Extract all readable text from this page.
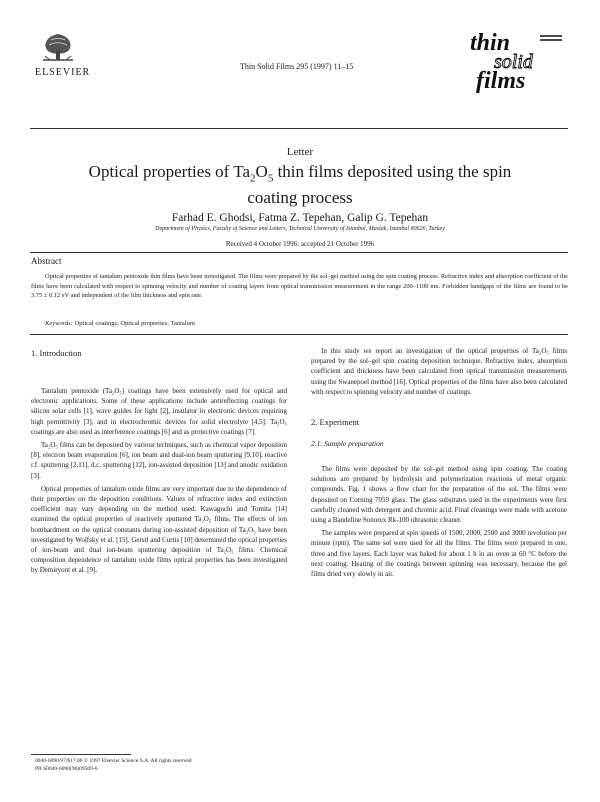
ELSEVIER
Thin Solid Films 295 (1997) 11–15
thin
solid
films
Letter
Optical properties of $Ta_2O_5$ thin films deposited using the spin
coating process
Farhad E. Ghodsi, Fatma Z. Tepehan, Galip G. Tepehan
Department of Physics, Faculty of Science and Letters, Technical University of Istanbul, Maslak, Istanbul 80626, Turkey
Received 4 October 1996; accepted 21 October 1996
Abstract

Optical properties of tantalum pentoxide thin films have been investigated. The films were prepared by the sol–gel method using the spin coating process. Refractive index and absorption coefficient of the films have been calculated with respect to spinning velocity and number of coating layers from optical transmission measurement in the range 200–1100 nm. Forbidden bandgaps of the films are found to be 3.75 ± 0.12 eV and independent of the film thickness and spin rate.

Keywords: Optical coatings; Optical properties; Tantalum
1. Introduction

Tantalum pentoxide (Ta₂O₅) coatings have been extensively used for optical and electronic applications. Some of these applications include antireflecting coatings for silicon solar cells [1], wave guides for light [2], insulator in electronic devices requiring high permittivity [3], and in electrochromic devices for solid electrolyte [4,5]. Ta₂O₅ coatings are also used as interference coatings [6] and as protective coatings [7].

Ta₂O₅ films can be deposited by various techniques, such as chemical vapor deposition [8], electron beam evaporation [6], ion beam and dual-ion beam sputtering [9,10], reactive r.f. sputtering [2,11], d.c. sputtering [12], ion-assisted deposition [13] and anodic oxidation [3].

Optical properties of tantalum oxide films are very important due to the dependence of their properties on the deposition conditions. Values of refractive index and extinction coefficient may vary depending on the method used. Kawaguchi and Tomita [14] examined the optical properties of reactively sputtered Ta₂O₅ films. The effects of ion bombardment on the optical constants during ion-assisted deposition of Ta₂O₅ have been investigated by Wolfsky et al. [15]. Gerstl and Curtis [10] determined the optical properties of ion-beam and dual ion-beam sputtering deposition of Ta₂O₅ films. Chemical composition dependence of tantalum oxide films optical properties has been investigated by Demiryont et al. [9].

In this study we report an investigation of the optical properties of Ta₂O₅ films prepared by the sol–gel spin coating deposition technique. Refractive index, absorption coefficient and thickness have been calculated from optical transmission measurements using the Swanepoel method [16]. Optical properties of the films have also been calculated with respect to spinning velocity and number of coatings.

2. Experiment
2.1. Sample preparation

The films were deposited by the sol–gel method using spin coating. The coating solutions are prepared by hydrolysis and polymerization reactions of metal organic compounds. Fig. 1 shows a flow chart for the preparation of the sol. The films were deposited on Corning 7059 glass. The glass substrates used in the experiments were first carefully cleaned with detergent and chromic acid. Final cleanings were made with acetone using a Bandeline Sonorex Rk-100 ultrasonic cleaner.

The samples were prepared at spin speeds of 1500, 2000, 2500 and 3000 revolution per minute (rpm). The same sol were used for all the films. The films were prepared in one, three and five layers. Each layer was baked for about 1 h in an oven at 60 °C before the next coating. Heating of the coatings between spinning was necessary, because the gel films dried very slowly in air.

0040-6090/97/$17.00 © 1997 Elsevier Science S.A. All rights reserved
PII S0040-6090(96)09509-6
